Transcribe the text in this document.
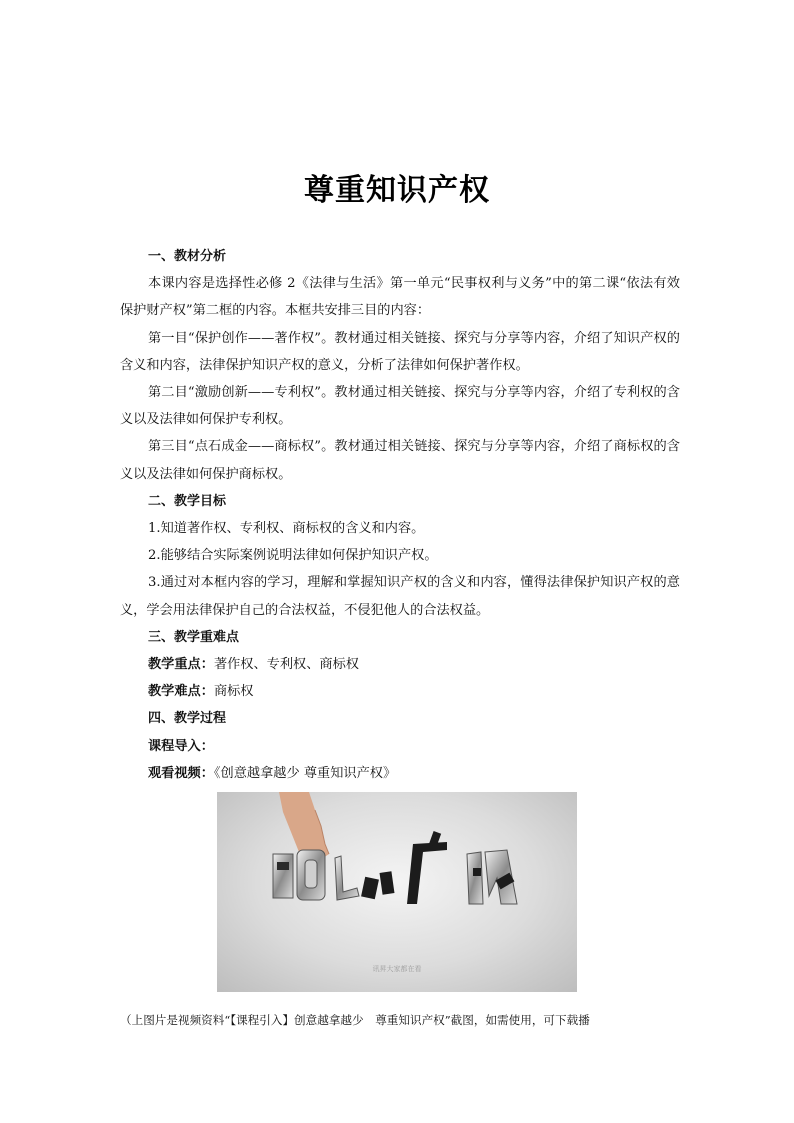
尊重知识产权

一、教材分析

本课内容是选择性必修 2《法律与生活》第一单元“民事权利与义务”中的第二课“依法有效保护财产权”第二框的内容。本框共安排三目的内容：

第一目“保护创作——著作权”。教材通过相关链接、探究与分享等内容，介绍了知识产权的含义和内容，法律保护知识产权的意义，分析了法律如何保护著作权。

第二目“激励创新——专利权”。教材通过相关链接、探究与分享等内容，介绍了专利权的含义以及法律如何保护专利权。

第三目“点石成金——商标权”。教材通过相关链接、探究与分享等内容，介绍了商标权的含义以及法律如何保护商标权。

二、教学目标

1.知道著作权、专利权、商标权的含义和内容。

2.能够结合实际案例说明法律如何保护知识产权。

3.通过对本框内容的学习，理解和掌握知识产权的含义和内容，懂得法律保护知识产权的意义，学会用法律保护自己的合法权益，不侵犯他人的合法权益。

三、教学重难点

教学重点：著作权、专利权、商标权

教学难点：商标权

四、教学过程

课程导入：

观看视频：《创意越拿越少 尊重知识产权》

讯昇大家都在看
（上图片是视频资料“【课程引入】创意越拿越少　尊重知识产权”截图，如需使用，可下载播
